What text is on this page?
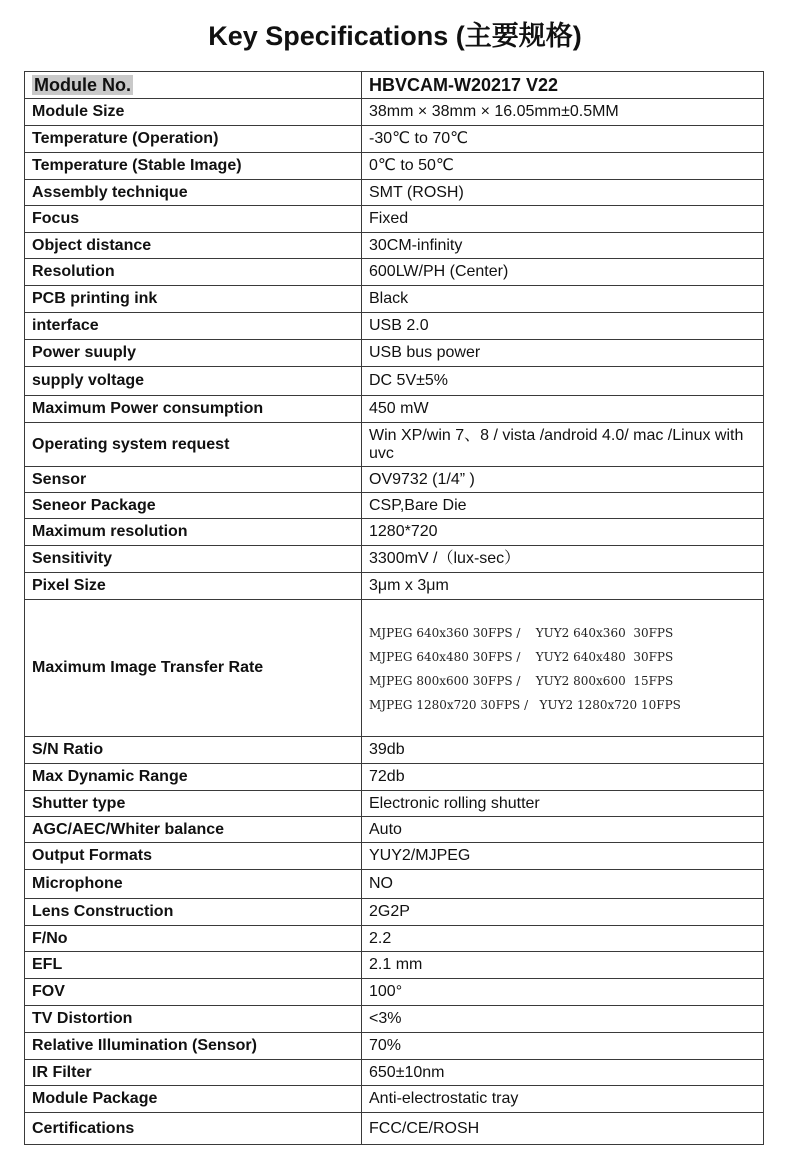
Key Specifications (主要规格)
Module No.	HBVCAM-W20217 V22
Module Size	38mm × 38mm × 16.05mm±0.5MM
Temperature (Operation)	-30℃ to 70℃
Temperature (Stable Image)	0℃ to 50℃
Assembly technique	SMT (ROSH)
Focus	Fixed
Object distance	30CM-infinity
Resolution	600LW/PH (Center)
PCB printing ink	Black
interface	USB 2.0
Power suuply	USB bus power
supply voltage	DC 5V±5%
Maximum Power consumption	450 mW
Operating system request	Win XP/win 7、8 / vista /android 4.0/ mac /Linux with uvc
Sensor	OV9732 (1/4” )
Seneor Package	CSP,Bare Die
Maximum resolution	1280*720
Sensitivity	3300mV /（lux-sec）
Pixel Size	3μm x 3μm
Maximum Image Transfer Rate	MJPEG 640x360 30FPS /    YUY2 640x360  30FPS
MJPEG 640x480 30FPS /    YUY2 640x480  30FPS
MJPEG 800x600 30FPS /    YUY2 800x600  15FPS
MJPEG 1280x720 30FPS /   YUY2 1280x720 10FPS

S/N Ratio	39db
Max Dynamic Range	72db
Shutter type	Electronic rolling shutter
AGC/AEC/Whiter balance	Auto
Output Formats	YUY2/MJPEG
Microphone	NO
Lens Construction	2G2P
F/No	2.2
EFL	2.1 mm
FOV	100°
TV Distortion	<3%
Relative Illumination (Sensor)	70%
IR Filter	650±10nm
Module Package	Anti-electrostatic tray
Certifications	FCC/CE/ROSH
